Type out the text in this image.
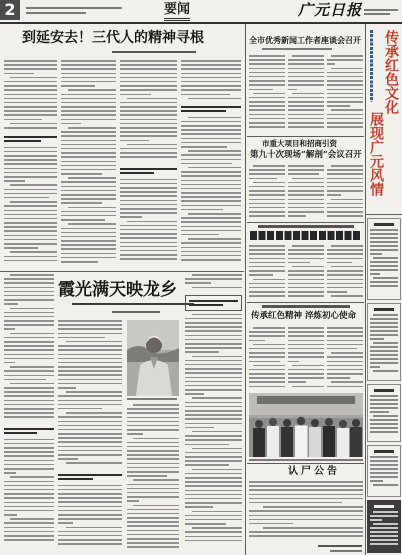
2	要闻	广元日报
到延安去！三代人的精神寻根
霞光满天映龙乡
全市优秀新闻工作者座谈会召开
市重大项目和招商引资
第九十次现场“解剖”会议召开
传承红色精神 淬炼初心使命
认尸公告
传承红色文化
展现广元风情
